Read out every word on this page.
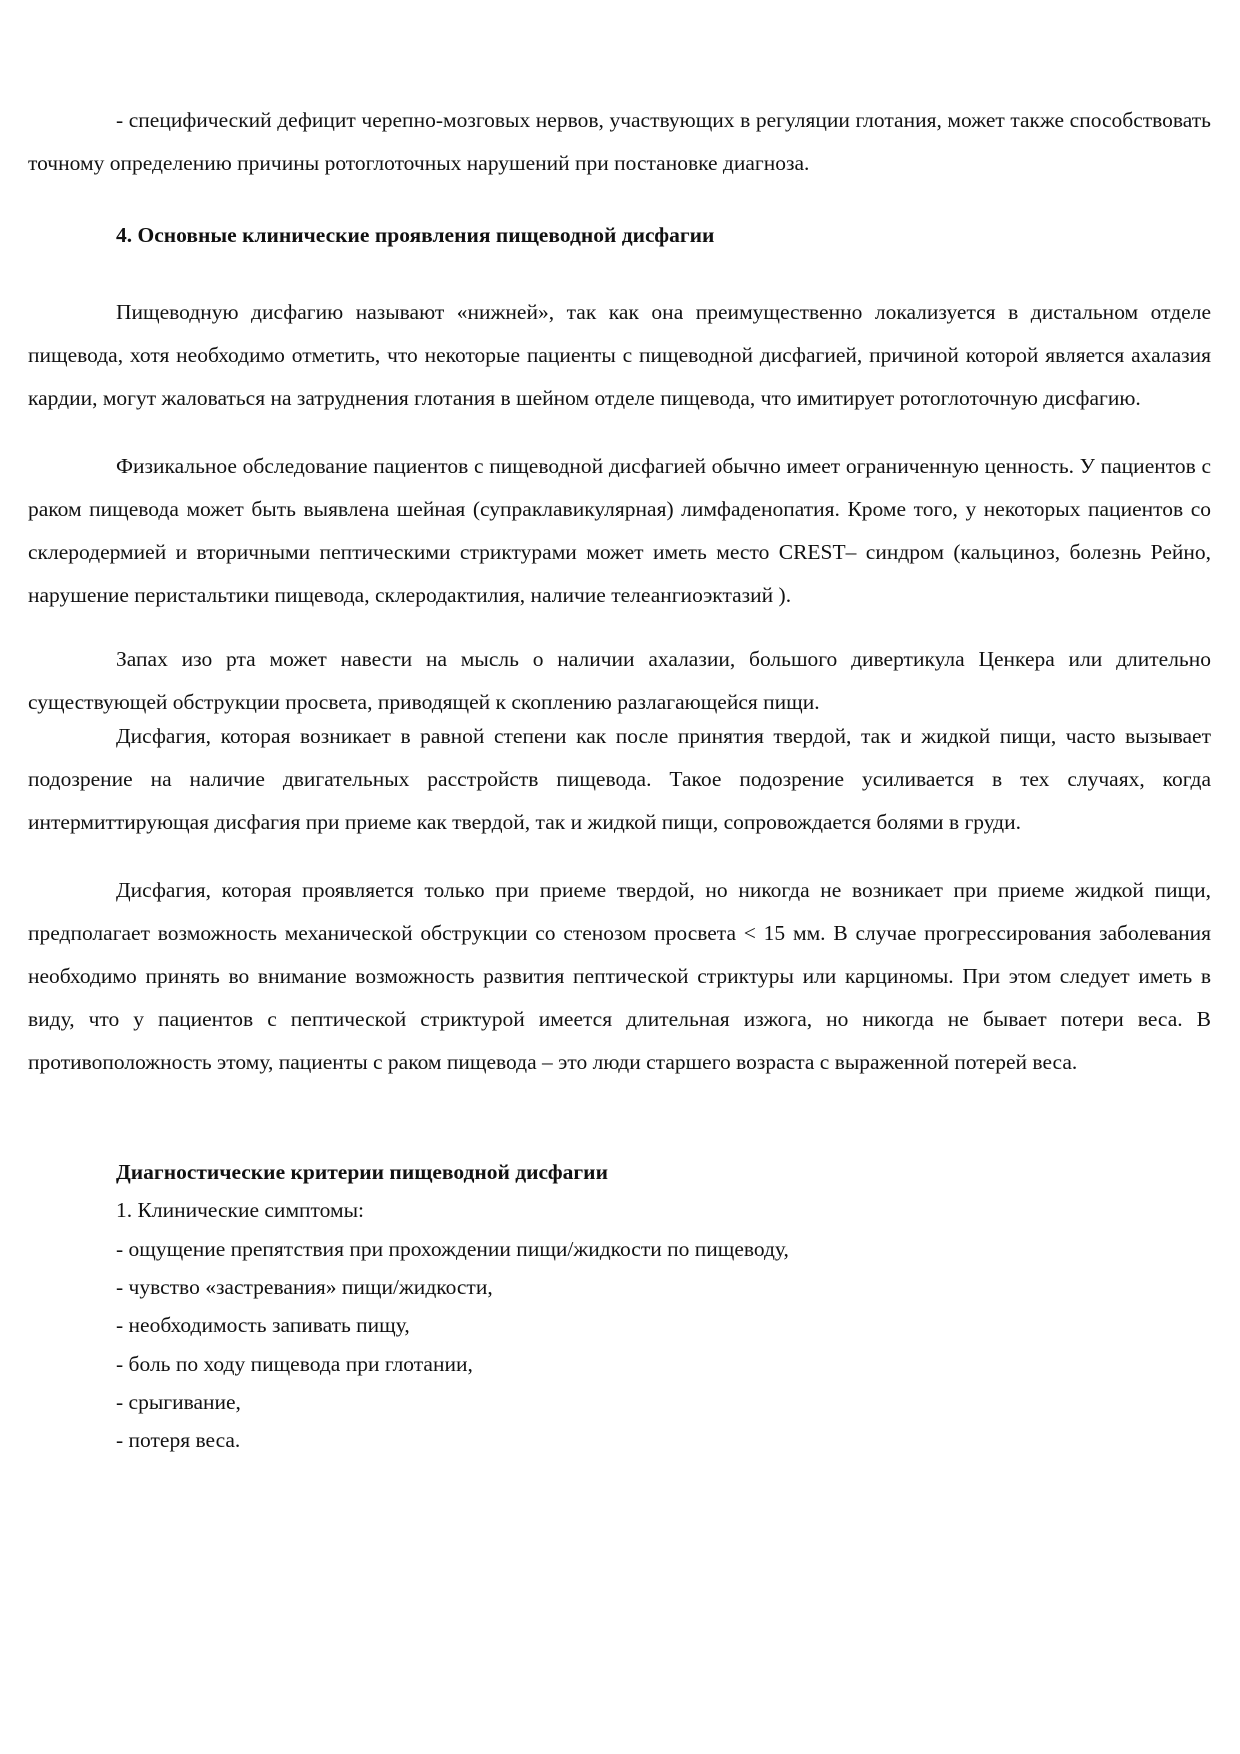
- специфический дефицит черепно-мозговых нервов, участвующих в регуляции глотания, может также способствовать точному определению причины ротоглоточных нарушений при постановке диагноза.

4. Основные клинические проявления пищеводной дисфагии

Пищеводную дисфагию называют «нижней», так как она преимущественно локализуется в дистальном отделе пищевода, хотя необходимо отметить, что некоторые пациенты с пищеводной дисфагией, причиной которой является ахалазия кардии, могут жаловаться на затруднения глотания в шейном отделе пищевода, что имитирует ротоглоточную дисфагию.

Физикальное обследование пациентов с пищеводной дисфагией обычно имеет ограниченную ценность. У пациентов с раком пищевода может быть выявлена шейная (супраклавикулярная) лимфаденопатия. Кроме того, у некоторых пациентов со склеродермией и вторичными пептическими стриктурами может иметь место CREST– синдром (кальциноз, болезнь Рейно, нарушение перистальтики пищевода, склеродактилия, наличие телеангиоэктазий ).

Запах изо рта может навести на мысль о наличии ахалазии, большого дивертикула Ценкера или длительно существующей обструкции просвета, приводящей к скоплению разлагающейся пищи.

Дисфагия, которая возникает в равной степени как после принятия твердой, так и жидкой пищи, часто вызывает подозрение на наличие двигательных расстройств пищевода. Такое подозрение усиливается в тех случаях, когда интермиттирующая дисфагия при приеме как твердой, так и жидкой пищи, сопровождается болями в груди.

Дисфагия, которая проявляется только при приеме твердой, но никогда не возникает при приеме жидкой пищи, предполагает возможность механической обструкции со стенозом просвета < 15 мм. В случае прогрессирования заболевания необходимо принять во внимание возможность развития пептической стриктуры или карциномы. При этом следует иметь в виду, что у пациентов с пептической стриктурой имеется длительная изжога, но никогда не бывает потери веса. В противоположность этому, пациенты с раком пищевода – это люди старшего возраста с выраженной потерей веса.

Диагностические критерии пищеводной дисфагии

1. Клинические симптомы:

- ощущение препятствия при прохождении пищи/жидкости по пищеводу,

- чувство «застревания» пищи/жидкости,

- необходимость запивать пищу,

- боль по ходу пищевода при глотании,

- срыгивание,

- потеря веса.
